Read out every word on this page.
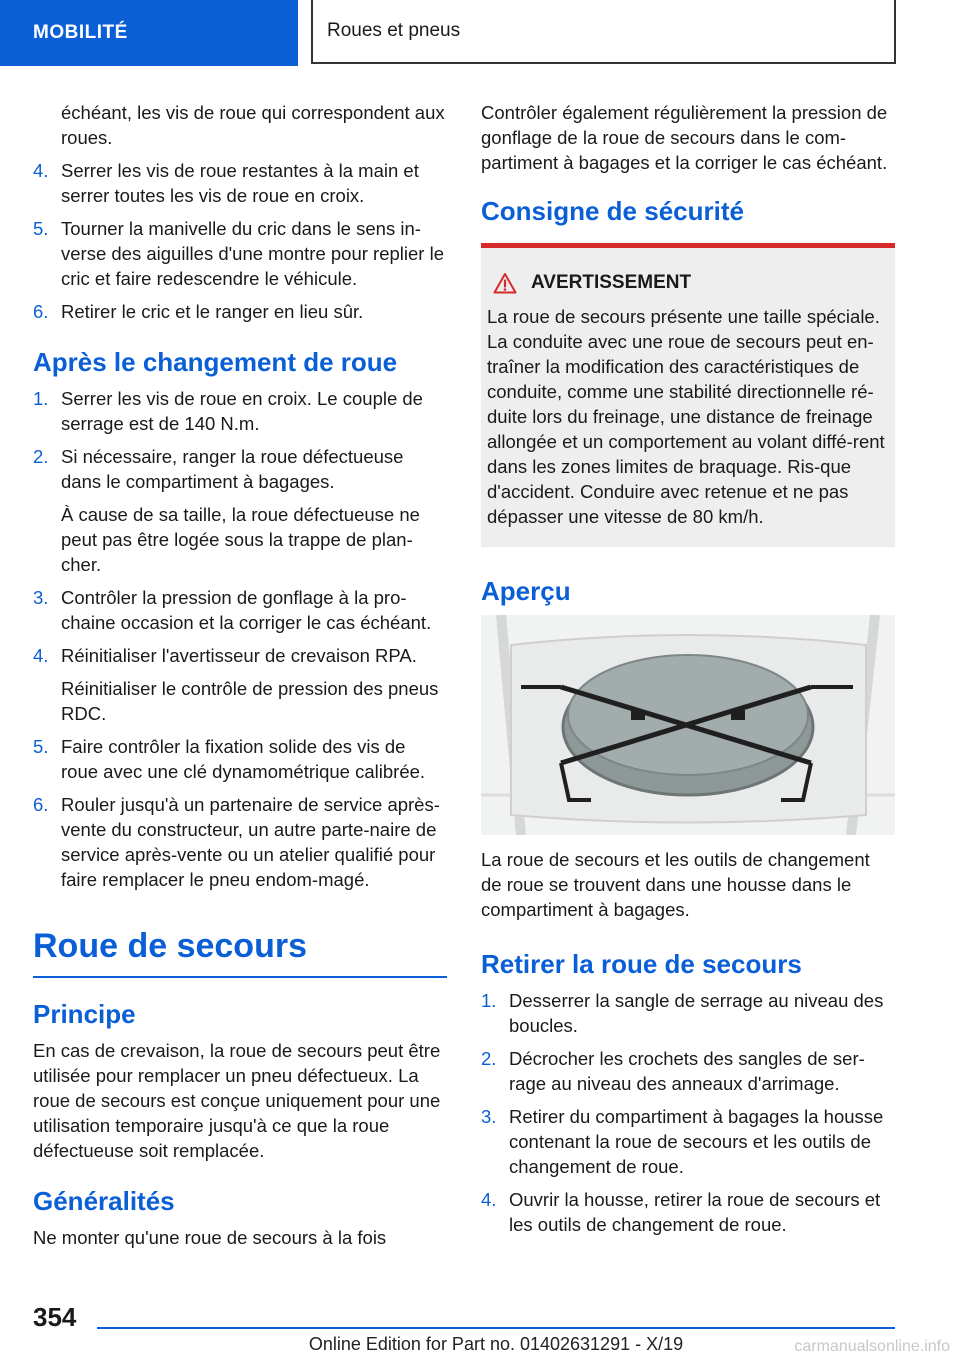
MOBILITÉ	Roues et pneus

échéant, les vis de roue qui correspondent aux roues.

4. Serrer les vis de roue restantes à la main et serrer toutes les vis de roue en croix.
5. Tourner la manivelle du cric dans le sens in-verse des aiguilles d'une montre pour replier le cric et faire redescendre le véhicule.
6. Retirer le cric et le ranger en lieu sûr.
Après le changement de roue
1. Serrer les vis de roue en croix. Le couple de serrage est de 140 N.m.
2. Si nécessaire, ranger la roue défectueuse dans le compartiment à bagages.
À cause de sa taille, la roue défectueuse ne peut pas être logée sous la trappe de plan-cher.
3. Contrôler la pression de gonflage à la pro-chaine occasion et la corriger le cas échéant.
4. Réinitialiser l'avertisseur de crevaison RPA.
Réinitialiser le contrôle de pression des pneus RDC.
5. Faire contrôler la fixation solide des vis de roue avec une clé dynamométrique calibrée.
6. Rouler jusqu'à un partenaire de service après-vente du constructeur, un autre parte-naire de service après-vente ou un atelier qualifié pour faire remplacer le pneu endom-magé.
Roue de secours
Principe

En cas de crevaison, la roue de secours peut être utilisée pour remplacer un pneu défectueux. La roue de secours est conçue uniquement pour une utilisation temporaire jusqu'à ce que la roue défectueuse soit remplacée.

Généralités

Ne monter qu'une roue de secours à la fois

Contrôler également régulièrement la pression de gonflage de la roue de secours dans le com-partiment à bagages et la corriger le cas échéant.

Consigne de sécurité
AVERTISSEMENT

La roue de secours présente une taille spéciale. La conduite avec une roue de secours peut en-traîner la modification des caractéristiques de conduite, comme une stabilité directionnelle ré-duite lors du freinage, une distance de freinage allongée et un comportement au volant diffé-rent dans les zones limites de braquage. Ris-que d'accident. Conduire avec retenue et ne pas dépasser une vitesse de 80 km/h.

Aperçu

La roue de secours et les outils de changement de roue se trouvent dans une housse dans le compartiment à bagages.

Retirer la roue de secours
1. Desserrer la sangle de serrage au niveau des boucles.
2. Décrocher les crochets des sangles de ser-rage au niveau des anneaux d'arrimage.
3. Retirer du compartiment à bagages la housse contenant la roue de secours et les outils de changement de roue.
4. Ouvrir la housse, retirer la roue de secours et les outils de changement de roue.
354
Online Edition for Part no. 01402631291 - X/19	carmanualsonline.info
